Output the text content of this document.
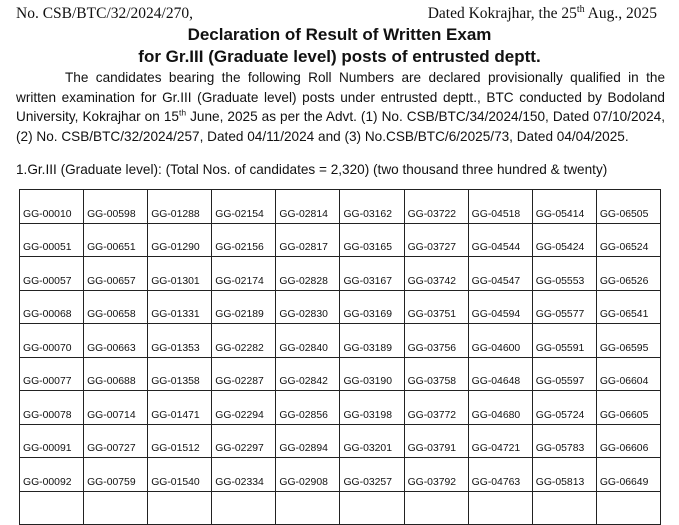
No. CSB/BTC/32/2024/270,	Dated Kokrajhar, the 25th Aug., 2025
Declaration of Result of Written Exam
for Gr.III (Graduate level) posts of entrusted deptt.

The candidates bearing the following Roll Numbers are declared provisionally qualified in the written examination for Gr.III (Graduate level) posts under entrusted deptt., BTC conducted by Bodoland University, Kokrajhar on 15th June, 2025 as per the Advt. (1) No. CSB/BTC/34/2024/150, Dated 07/10/2024, (2) No. CSB/BTC/32/2024/257, Dated 04/11/2024 and (3) No.CSB/BTC/6/2025/73, Dated 04/04/2025.

1.Gr.III (Graduate level): (Total Nos. of candidates = 2,320) (two thousand three hundred & twenty)
GG-00010	GG-00598	GG-01288	GG-02154	GG-02814	GG-03162	GG-03722	GG-04518	GG-05414	GG-06505
GG-00051	GG-00651	GG-01290	GG-02156	GG-02817	GG-03165	GG-03727	GG-04544	GG-05424	GG-06524
GG-00057	GG-00657	GG-01301	GG-02174	GG-02828	GG-03167	GG-03742	GG-04547	GG-05553	GG-06526
GG-00068	GG-00658	GG-01331	GG-02189	GG-02830	GG-03169	GG-03751	GG-04594	GG-05577	GG-06541
GG-00070	GG-00663	GG-01353	GG-02282	GG-02840	GG-03189	GG-03756	GG-04600	GG-05591	GG-06595
GG-00077	GG-00688	GG-01358	GG-02287	GG-02842	GG-03190	GG-03758	GG-04648	GG-05597	GG-06604
GG-00078	GG-00714	GG-01471	GG-02294	GG-02856	GG-03198	GG-03772	GG-04680	GG-05724	GG-06605
GG-00091	GG-00727	GG-01512	GG-02297	GG-02894	GG-03201	GG-03791	GG-04721	GG-05783	GG-06606
GG-00092	GG-00759	GG-01540	GG-02334	GG-02908	GG-03257	GG-03792	GG-04763	GG-05813	GG-06649
